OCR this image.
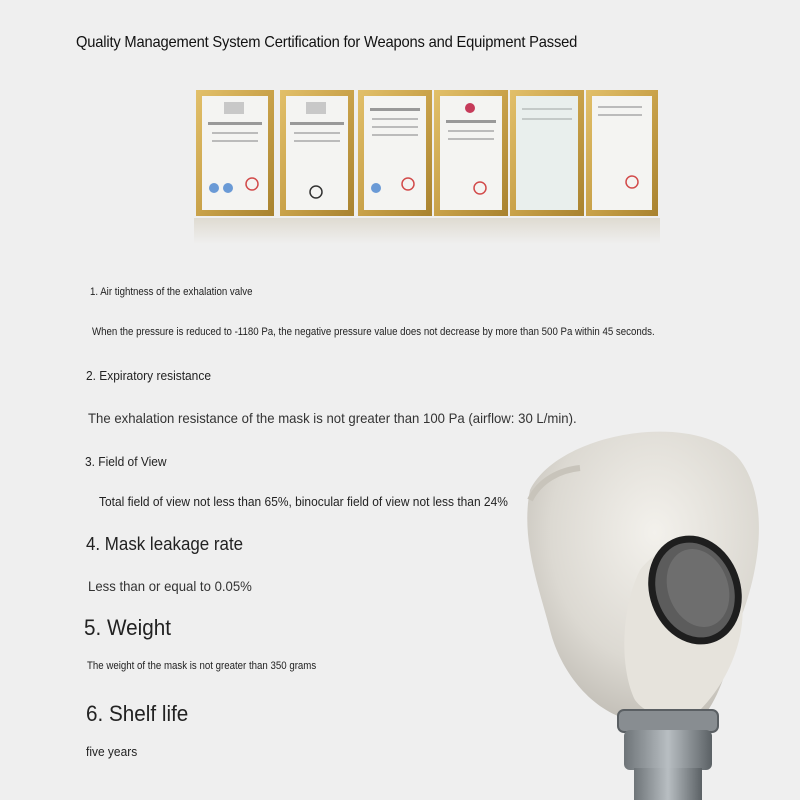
Quality Management System Certification for Weapons and Equipment Passed
1. Air tightness of the exhalation valve
When the pressure is reduced to -1180 Pa, the negative pressure value does not decrease by more than 500 Pa within 45 seconds.
2. Expiratory resistance
The exhalation resistance of the mask is not greater than 100 Pa (airflow: 30 L/min).
3. Field of View
Total field of view not less than 65%, binocular field of view not less than 24%
4. Mask leakage rate
Less than or equal to 0.05%
5. Weight
The weight of the mask is not greater than 350 grams
6. Shelf life
five years
